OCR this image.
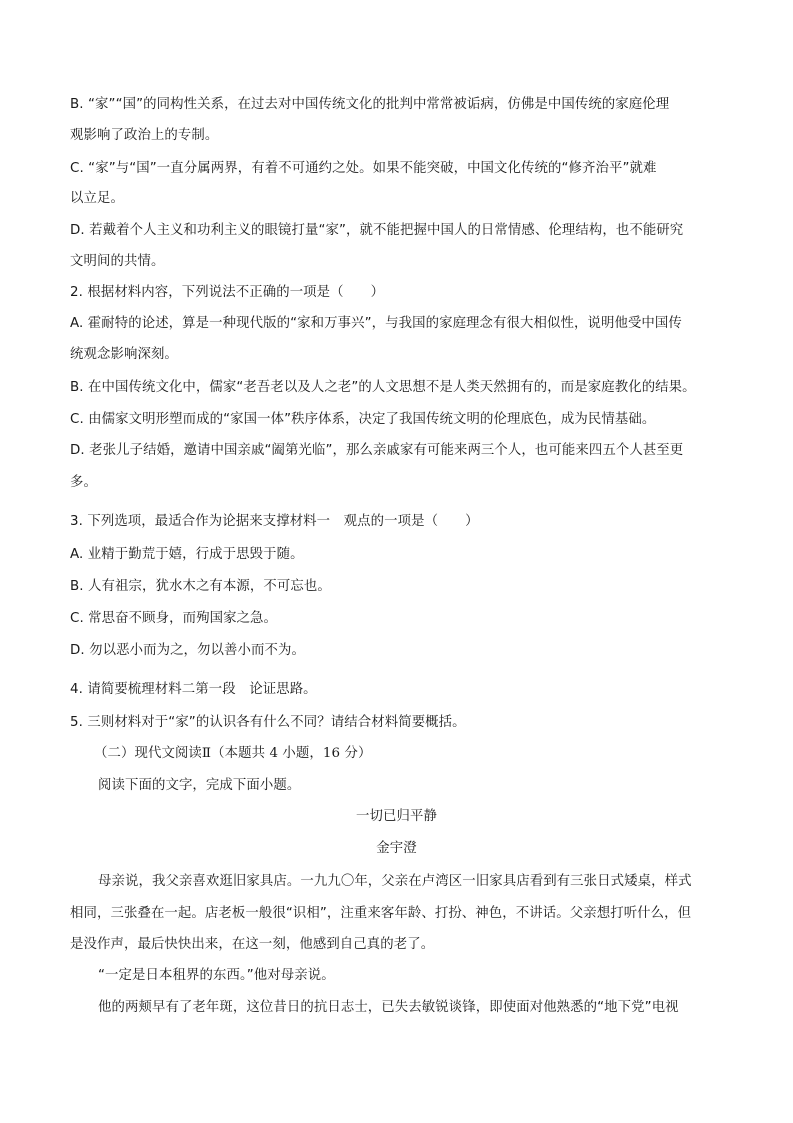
B. “家”“国”的同构性关系，在过去对中国传统文化的批判中常常被诟病，仿佛是中国传统的家庭伦理
观影响了政治上的专制。
C. “家”与“国”一直分属两界，有着不可通约之处。如果不能突破，中国文化传统的“修齐治平”就难
以立足。
D. 若戴着个人主义和功利主义的眼镜打量“家”，就不能把握中国人的日常情感、伦理结构，也不能研究
文明间的共情。
2. 根据材料内容，下列说法不正确的一项是（　　）
A. 霍耐特的论述，算是一种现代版的“家和万事兴”，与我国的家庭理念有很大相似性，说明他受中国传
统观念影响深刻。
B. 在中国传统文化中，儒家“老吾老以及人之老”的人文思想不是人类天然拥有的，而是家庭教化的结果。
C. 由儒家文明形塑而成的“家国一体”秩序体系，决定了我国传统文明的伦理底色，成为民情基础。
D. 老张儿子结婚，邀请中国亲戚“阖第光临”，那么亲戚家有可能来两三个人，也可能来四五个人甚至更
多。
3. 下列选项，最适合作为论据来支撑材料一　观点的一项是（　　）
A. 业精于勤荒于嬉，行成于思毁于随。
B. 人有祖宗，犹水木之有本源，不可忘也。
C. 常思奋不顾身，而殉国家之急。
D. 勿以恶小而为之，勿以善小而不为。
4. 请简要梳理材料二第一段　论证思路。
5. 三则材料对于“家”的认识各有什么不同？请结合材料简要概括。
（二）现代文阅读Ⅱ（本题共 4 小题，16 分）
阅读下面的文字，完成下面小题。
一切已归平静
金宇澄
母亲说，我父亲喜欢逛旧家具店。一九九〇年，父亲在卢湾区一旧家具店看到有三张日式矮桌，样式
相同，三张叠在一起。店老板一般很“识相”，注重来客年龄、打扮、神色，不讲话。父亲想打听什么，但
是没作声，最后快快出来，在这一刻，他感到自己真的老了。
“一定是日本租界的东西。”他对母亲说。
他的两颊早有了老年斑，这位昔日的抗日志士，已失去敏锐谈锋，即使面对他熟悉的“地下党”电视
